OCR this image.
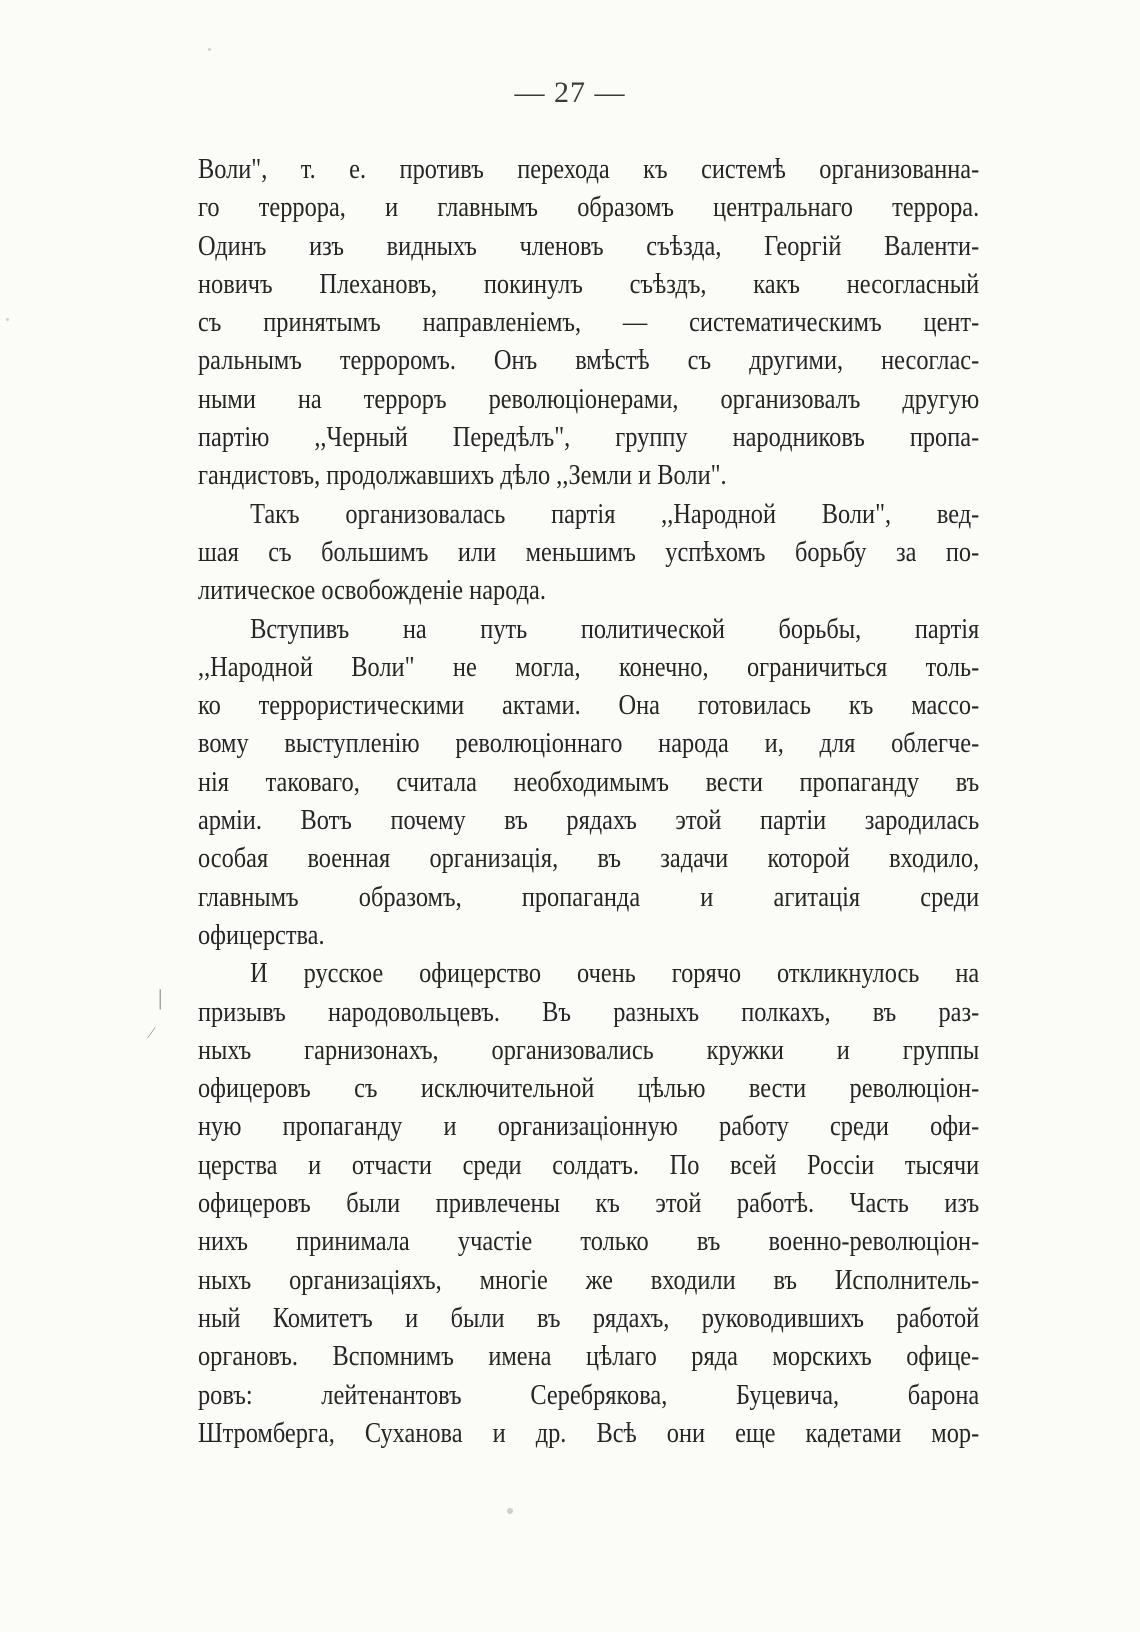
— 27 —
Воли", т. е. противъ перехода къ системѣ организованна-
го террора, и главнымъ образомъ центральнаго террора.
Одинъ изъ видныхъ членовъ съѣзда, Георгій Валенти-
новичъ Плехановъ, покинулъ съѣздъ, какъ несогласный
съ принятымъ направленіемъ, — систематическимъ цент-
ральнымъ терроромъ. Онъ вмѣстѣ съ другими, несоглас-
ными на терроръ революціонерами, организовалъ другую
партію ,,Черный Передѣлъ", группу народниковъ пропа-
гандистовъ, продолжавшихъ дѣло ,,Земли и Воли".
Такъ организовалась партія ,,Народной Воли", вед-
шая съ большимъ или меньшимъ успѣхомъ борьбу за по-
литическое освобожденіе народа.
Вступивъ на путь политической борьбы, партія
,,Народной Воли" не могла, конечно, ограничиться толь-
ко террористическими актами. Она готовилась къ массо-
вому выступленію революціоннаго народа и, для облегче-
нія таковаго, считала необходимымъ вести пропаганду въ
арміи. Вотъ почему въ рядахъ этой партіи зародилась
особая военная организація, въ задачи которой входило,
главнымъ образомъ, пропаганда и агитація среди
офицерства.
И русское офицерство очень горячо откликнулось на
призывъ народовольцевъ. Въ разныхъ полкахъ, въ раз-
ныхъ гарнизонахъ, организовались кружки и группы
офицеровъ съ исключительной цѣлью вести революціон-
ную пропаганду и организаціонную работу среди офи-
церства и отчасти среди солдатъ. По всей Россіи тысячи
офицеровъ были привлечены къ этой работѣ. Часть изъ
нихъ принимала участіе только въ военно-революціон-
ныхъ организаціяхъ, многіе же входили въ Исполнитель-
ный Комитетъ и были въ рядахъ, руководившихъ работой
органовъ. Вспомнимъ имена цѣлаго ряда морскихъ офице-
ровъ: лейтенантовъ Серебрякова, Буцевича, барона
Штромберга, Суханова и др. Всѣ они еще кадетами мор-
|
⁄
